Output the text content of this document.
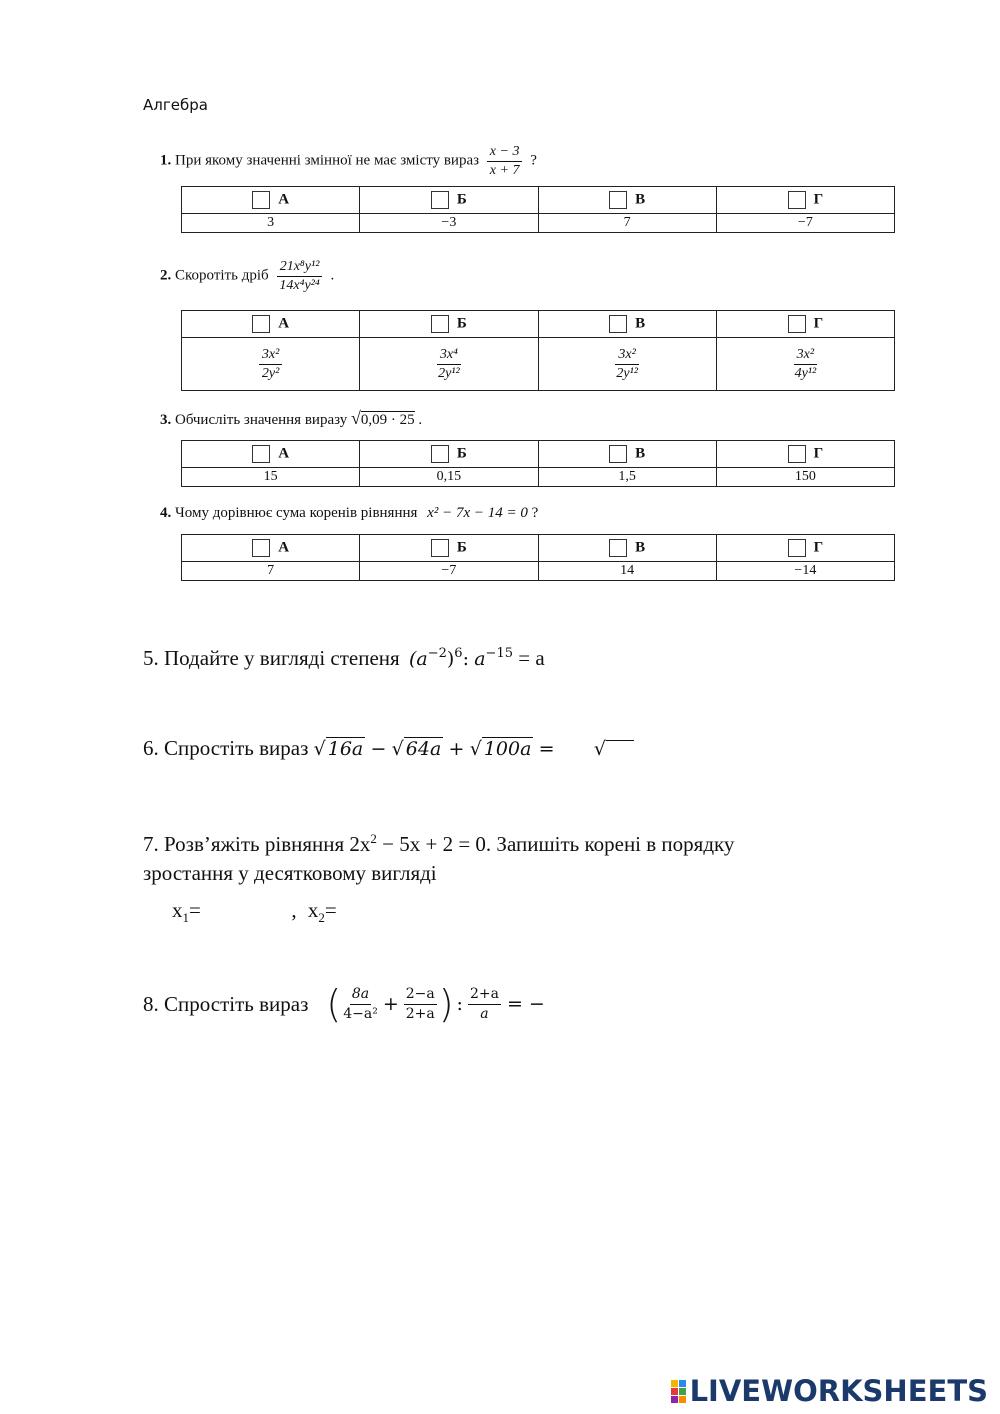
Алгебра
1. При якому значенні змінної не має змісту вираз $\frac{x - 3}{x + 7}$ ?
А	Б	В	Г
3	−3	7	−7
2. Скоротіть дріб $\frac{\text{21x⁸y¹²}}{\text{14x⁴y²⁴}}$ .
А	Б	В	Г

$\frac{\text{3x²}}{\text{2y²}}$	$\frac{\text{3x⁴}}{\text{2y¹²}}$	$\frac{\text{3x²}}{\text{2y¹²}}$	$\frac{\text{3x²}}{\text{4y¹²}}$
3. Обчисліть значення виразу √0,09 · 25 .
А	Б	В	Г
15	0,15	1,5	150
4. Чому дорівнює сума коренів рівняння x² − 7x − 14 = 0 ?
А	Б	В	Г
7	−7	14	−14
5. Подайте у вигляді степеня $(a^{-2})^6$: $a^{-15} = a$
6. Спростіть вираз √ 16a − √ 64a + √ 100a = √
7. Розв’яжіть рівняння $2x^2 - 5x + 2 = 0$. Запишіть корені в порядку
зростання у десятковому вигляді
$x_1=$	, $x_2=$
8. Спростіть вираз ( $\frac{8a}{\text{4−a²}} + \frac{2-a}{2+a}$ ) : $\frac{2+a}{a}$ = −

LIVEWORKSHEETS
